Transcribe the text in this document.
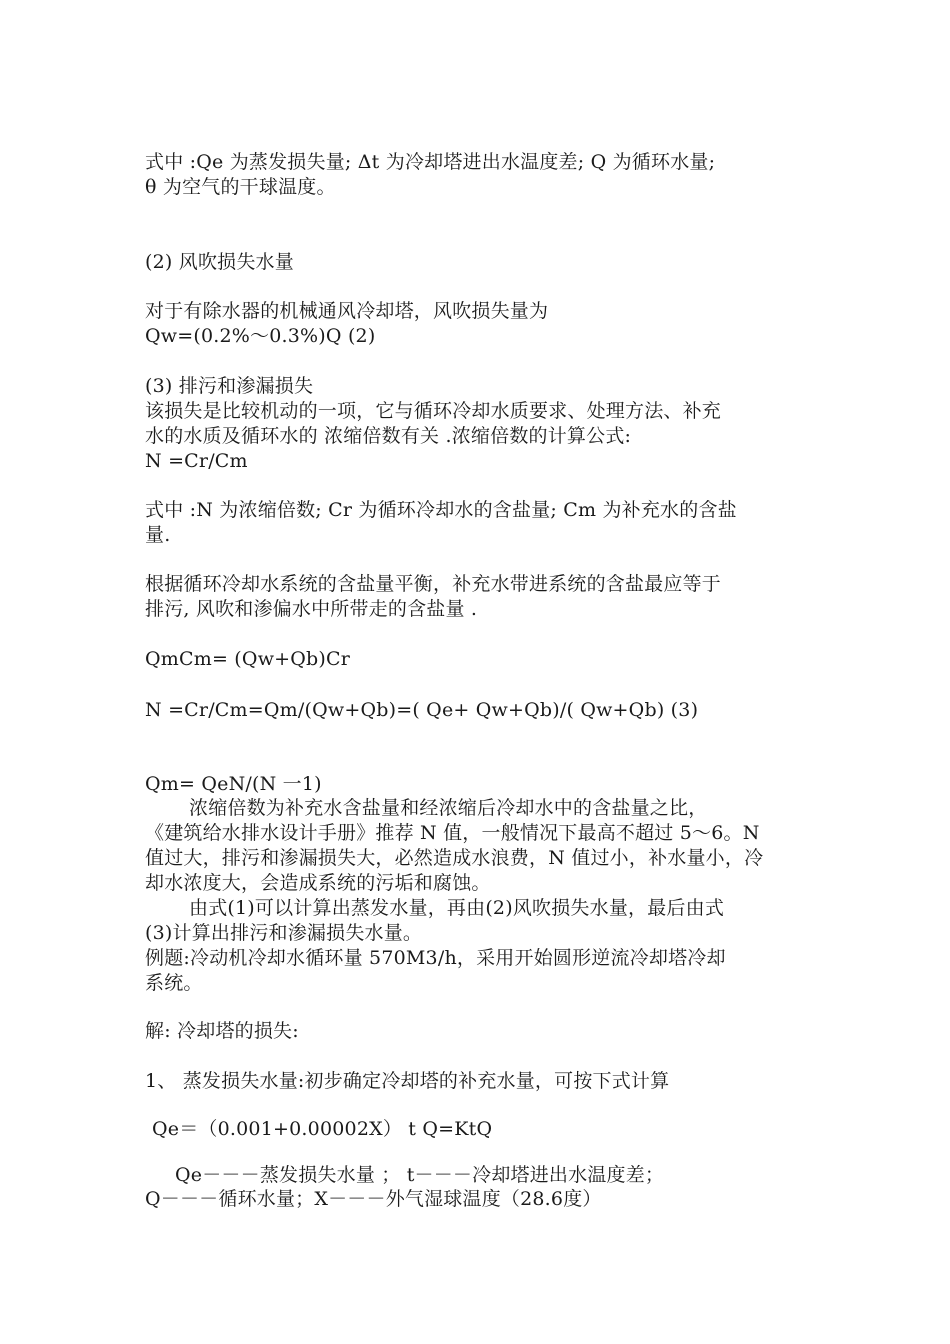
式中 :Qe 为蒸发损失量; Δt 为冷却塔进出水温度差; Q 为循环水量;
θ 为空气的干球温度。
(2) 风吹损失水量
对于有除水器的机械通风冷却塔，风吹损失量为
Qw=(0.2%～0.3%)Q (2)
(3) 排污和渗漏损失
该损失是比较机动的一项，它与循环冷却水质要求、处理方法、补充
水的水质及循环水的 浓缩倍数有关 .浓缩倍数的计算公式:
N =Cr/Cm
式中 :N 为浓缩倍数; Cr 为循环冷却水的含盐量; Cm 为补充水的含盐
量.
根据循环冷却水系统的含盐量平衡，补充水带进系统的含盐最应等于
排污, 风吹和渗偏水中所带走的含盐量 .
QmCm= (Qw+Qb)Cr
N =Cr/Cm=Qm/(Qw+Qb)=( Qe+ Qw+Qb)/( Qw+Qb) (3)
Qm= QeN/(N 一1)
浓缩倍数为补充水含盐量和经浓缩后冷却水中的含盐量之比，
《建筑给水排水设计手册》推荐 N 值，一般情况下最高不超过 5～6。N
值过大，排污和渗漏损失大，必然造成水浪费，N 值过小，补水量小，冷
却水浓度大，会造成系统的污垢和腐蚀。
由式(1)可以计算出蒸发水量，再由(2)风吹损失水量，最后由式
(3)计算出排污和渗漏损失水量。
例题:冷动机冷却水循环量 570M3/h，采用开始圆形逆流冷却塔冷却
系统。
解: 冷却塔的损失:
1、 蒸发损失水量:初步确定冷却塔的补充水量，可按下式计算
Qe＝（0.001+0.00002X） t Q=KtQ
Qe－－－蒸发损失水量 ； t－－－冷却塔进出水温度差；
Q－－－循环水量；X－－－外气湿球温度（28.6度）
